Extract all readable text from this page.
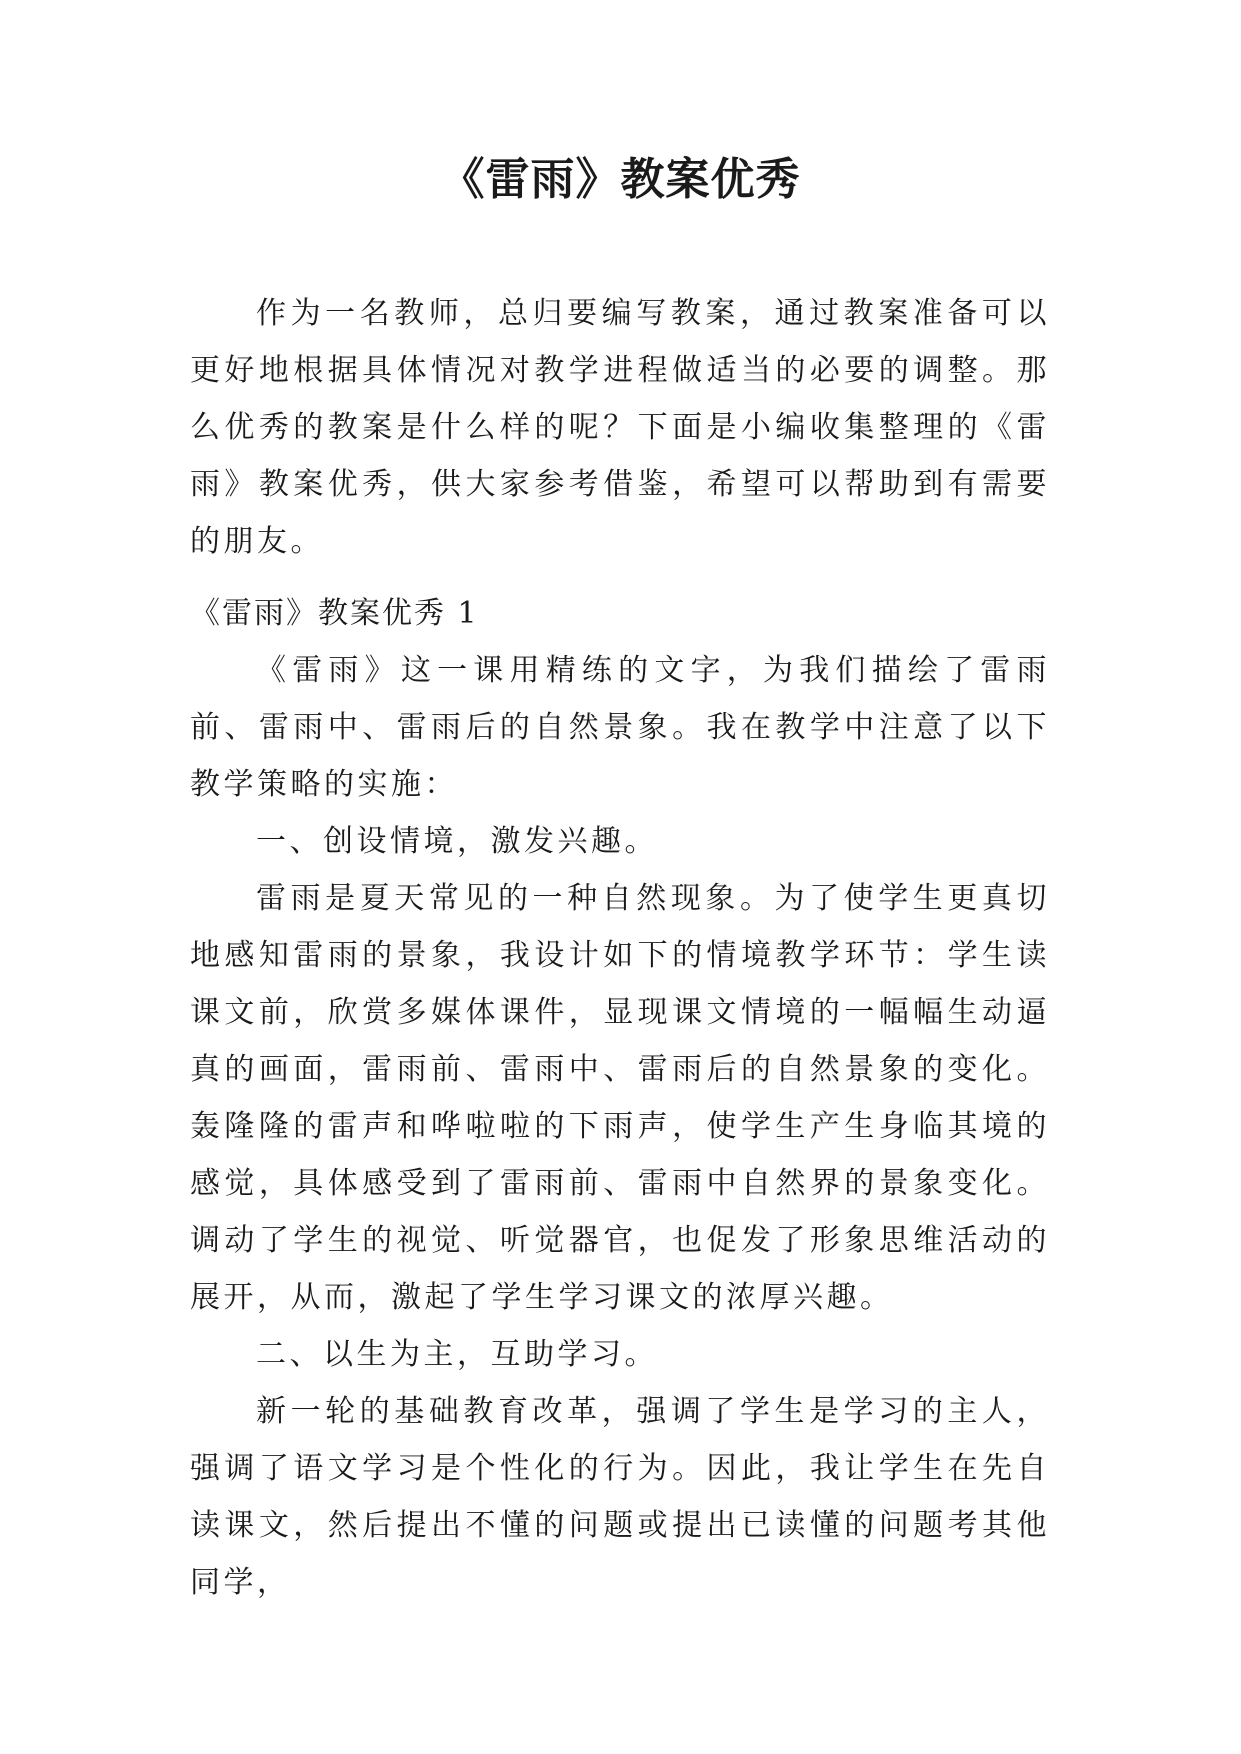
《雷雨》教案优秀

作为一名教师，总归要编写教案，通过教案准备可以更好地根据具体情况对教学进程做适当的必要的调整。那么优秀的教案是什么样的呢？下面是小编收集整理的《雷雨》教案优秀，供大家参考借鉴，希望可以帮助到有需要的朋友。

《雷雨》教案优秀 1

《雷雨》这一课用精练的文字，为我们描绘了雷雨前、雷雨中、雷雨后的自然景象。我在教学中注意了以下教学策略的实施：

一、创设情境，激发兴趣。

雷雨是夏天常见的一种自然现象。为了使学生更真切地感知雷雨的景象，我设计如下的情境教学环节：学生读课文前，欣赏多媒体课件，显现课文情境的一幅幅生动逼真的画面，雷雨前、雷雨中、雷雨后的自然景象的变化。轰隆隆的雷声和哗啦啦的下雨声，使学生产生身临其境的感觉，具体感受到了雷雨前、雷雨中自然界的景象变化。调动了学生的视觉、听觉器官，也促发了形象思维活动的展开，从而，激起了学生学习课文的浓厚兴趣。

二、以生为主，互助学习。

新一轮的基础教育改革，强调了学生是学习的主人，强调了语文学习是个性化的行为。因此，我让学生在先自读课文，然后提出不懂的问题或提出已读懂的问题考其他同学，
